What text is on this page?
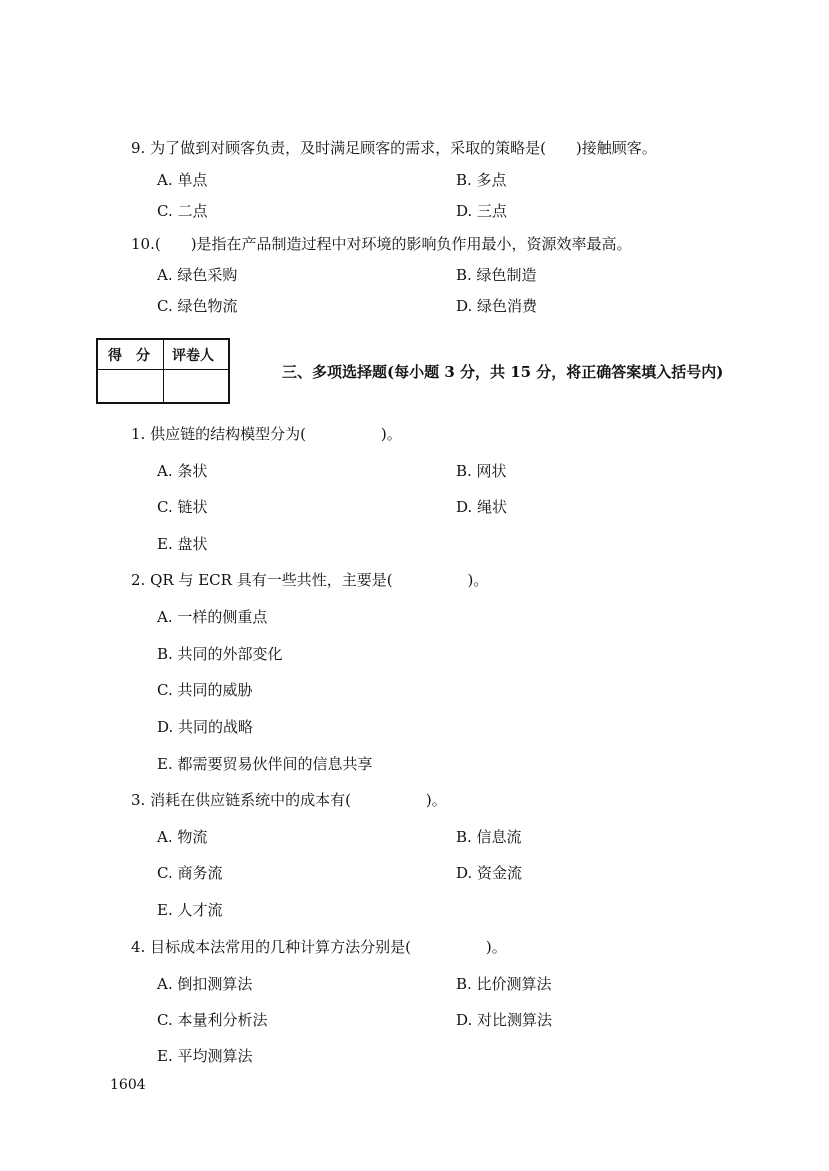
9. 为了做到对顾客负责，及时满足顾客的需求，采取的策略是(　　)接触顾客。
A. 单点	B. 多点
C. 二点	D. 三点
10.(　　)是指在产品制造过程中对环境的影响负作用最小，资源效率最高。
A. 绿色采购	B. 绿色制造
C. 绿色物流	D. 绿色消费
得　分 评卷人
三、多项选择题(每小题 3 分，共 15 分，将正确答案填入括号内)
1. 供应链的结构模型分为(　　　　　)。
A. 条状	B. 网状
C. 链状	D. 绳状
E. 盘状
2. QR 与 ECR 具有一些共性，主要是(　　　　　)。
A. 一样的侧重点
B. 共同的外部变化
C. 共同的威胁
D. 共同的战略
E. 都需要贸易伙伴间的信息共享
3. 消耗在供应链系统中的成本有(　　　　　)。
A. 物流	B. 信息流
C. 商务流	D. 资金流
E. 人才流
4. 目标成本法常用的几种计算方法分别是(　　　　　)。
A. 倒扣测算法	B. 比价测算法
C. 本量利分析法	D. 对比测算法
E. 平均测算法
1604
